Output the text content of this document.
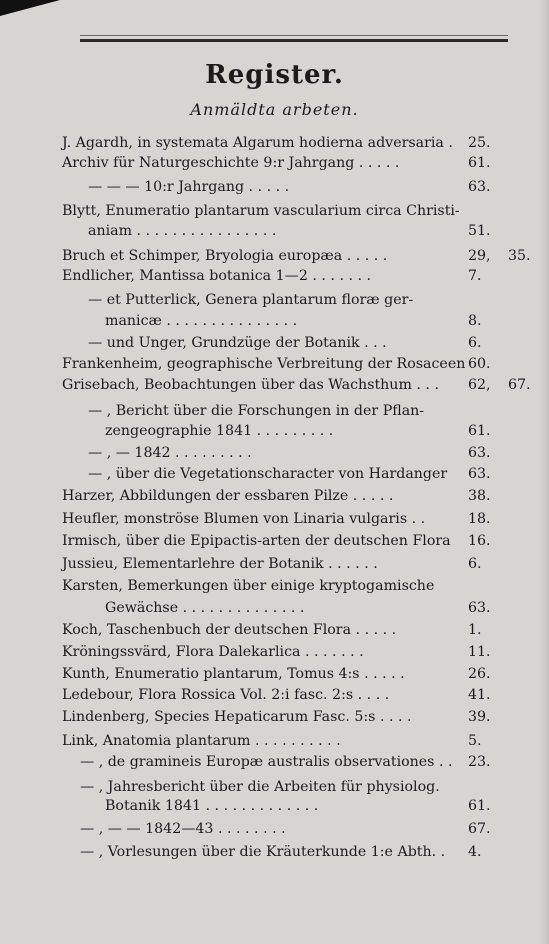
Register.
Anmäldta arbeten.
J. Agardh, in systemata Algarum hodierna adversaria . 25.
Archiv für Naturgeschichte 9:r Jahrgang . . . . .	61.
— — — 10:r Jahrgang . . . . .	63.
Blytt, Enumeratio plantarum vascularium circa Christi-
aniam . . . . . . . . . . . . . . . .	51.
Bruch et Schimper, Bryologia europæa . . . . .	29, 35.
Endlicher, Mantissa botanica 1—2 . . . . . . .	7.
— et Putterlick, Genera plantarum floræ ger-
manicæ . . . . . . . . . . . . . . .	8.
— und Unger, Grundzüge der Botanik . . .	6.
Frankenheim, geographische Verbreitung der Rosaceen 60.
Grisebach, Beobachtungen über das Wachsthum . . . 62, 67.
— , Bericht über die Forschungen in der Pflan-
zengeographie 1841 . . . . . . . . .	61.
— , — 1842 . . . . . . . . .	63.
— , über die Vegetationscharacter von Hardanger 63.
Harzer, Abbildungen der essbaren Pilze . . . . .	38.
Heufler, monströse Blumen von Linaria vulgaris . .	18.
Irmisch, über die Epipactis-arten der deutschen Flora 16.
Jussieu, Elementarlehre der Botanik . . . . . .	6.
Karsten, Bemerkungen über einige kryptogamische
Gewächse . . . . . . . . . . . . . .	63.
Koch, Taschenbuch der deutschen Flora . . . . .	1.
Kröningssvärd, Flora Dalekarlica . . . . . . .	11.
Kunth, Enumeratio plantarum, Tomus 4:s . . . . .	26.
Ledebour, Flora Rossica Vol. 2:i fasc. 2:s . . . .	41.
Lindenberg, Species Hepaticarum Fasc. 5:s . . . .	39.
Link, Anatomia plantarum . . . . . . . . . .	5.
— , de gramineis Europæ australis observationes . . 23.
— , Jahresbericht über die Arbeiten für physiolog.
Botanik 1841 . . . . . . . . . . . . .	61.
— , — — 1842—43 . . . . . . . .	67.
— , Vorlesungen über die Kräuterkunde 1:e Abth. . 4.
